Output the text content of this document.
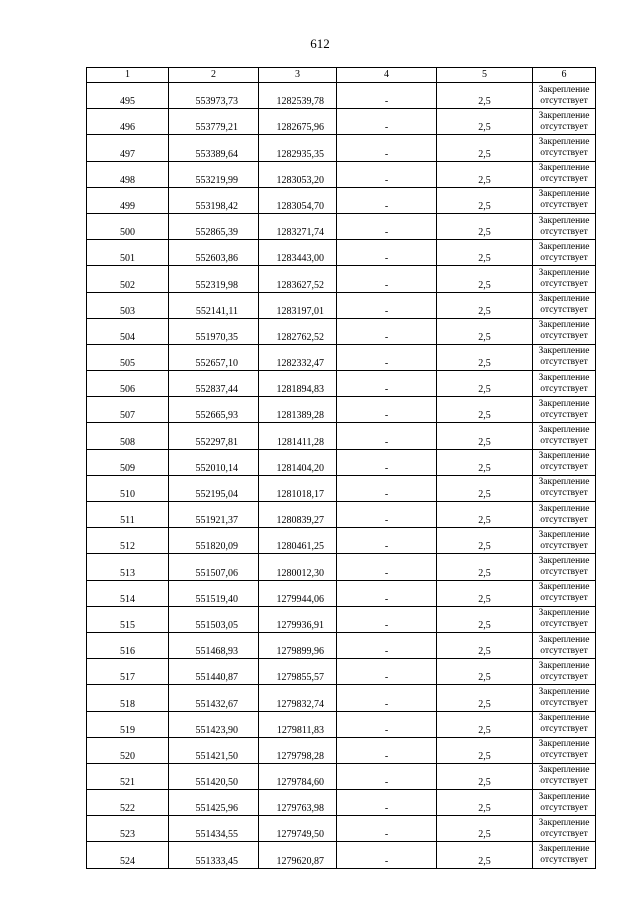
612
1	2	3	4	5	6
495	553973,73	1282539,78	-	2,5	Закрепление
отсутствует

496	553779,21	1282675,96	-	2,5	Закрепление
отсутствует

497	553389,64	1282935,35	-	2,5	Закрепление
отсутствует

498	553219,99	1283053,20	-	2,5	Закрепление
отсутствует

499	553198,42	1283054,70	-	2,5	Закрепление
отсутствует

500	552865,39	1283271,74	-	2,5	Закрепление
отсутствует

501	552603,86	1283443,00	-	2,5	Закрепление
отсутствует

502	552319,98	1283627,52	-	2,5	Закрепление
отсутствует

503	552141,11	1283197,01	-	2,5	Закрепление
отсутствует

504	551970,35	1282762,52	-	2,5	Закрепление
отсутствует

505	552657,10	1282332,47	-	2,5	Закрепление
отсутствует

506	552837,44	1281894,83	-	2,5	Закрепление
отсутствует

507	552665,93	1281389,28	-	2,5	Закрепление
отсутствует

508	552297,81	1281411,28	-	2,5	Закрепление
отсутствует

509	552010,14	1281404,20	-	2,5	Закрепление
отсутствует

510	552195,04	1281018,17	-	2,5	Закрепление
отсутствует

511	551921,37	1280839,27	-	2,5	Закрепление
отсутствует

512	551820,09	1280461,25	-	2,5	Закрепление
отсутствует

513	551507,06	1280012,30	-	2,5	Закрепление
отсутствует

514	551519,40	1279944,06	-	2,5	Закрепление
отсутствует

515	551503,05	1279936,91	-	2,5	Закрепление
отсутствует

516	551468,93	1279899,96	-	2,5	Закрепление
отсутствует

517	551440,87	1279855,57	-	2,5	Закрепление
отсутствует

518	551432,67	1279832,74	-	2,5	Закрепление
отсутствует

519	551423,90	1279811,83	-	2,5	Закрепление
отсутствует

520	551421,50	1279798,28	-	2,5	Закрепление
отсутствует

521	551420,50	1279784,60	-	2,5	Закрепление
отсутствует

522	551425,96	1279763,98	-	2,5	Закрепление
отсутствует

523	551434,55	1279749,50	-	2,5	Закрепление
отсутствует

524	551333,45	1279620,87	-	2,5	Закрепление
отсутствует
